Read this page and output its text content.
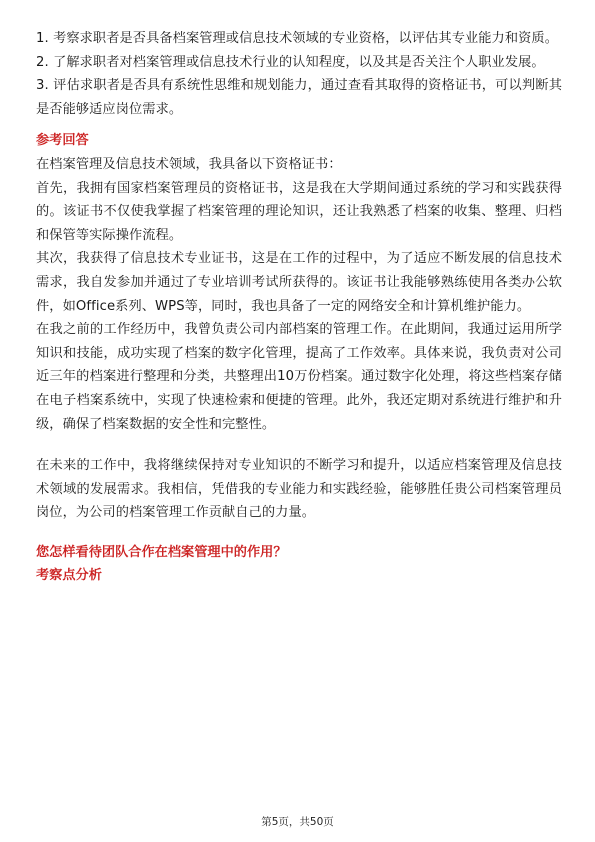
1. 考察求职者是否具备档案管理或信息技术领域的专业资格，以评估其专业能力和资质。

2. 了解求职者对档案管理或信息技术行业的认知程度，以及其是否关注个人职业发展。

3. 评估求职者是否具有系统性思维和规划能力，通过查看其取得的资格证书，可以判断其是否能够适应岗位需求。

参考回答

在档案管理及信息技术领域，我具备以下资格证书：

首先，我拥有国家档案管理员的资格证书，这是我在大学期间通过系统的学习和实践获得的。该证书不仅使我掌握了档案管理的理论知识，还让我熟悉了档案的收集、整理、归档和保管等实际操作流程。

其次，我获得了信息技术专业证书，这是在工作的过程中，为了适应不断发展的信息技术需求，我自发参加并通过了专业培训考试所获得的。该证书让我能够熟练使用各类办公软件，如Office系列、WPS等，同时，我也具备了一定的网络安全和计算机维护能力。

在我之前的工作经历中，我曾负责公司内部档案的管理工作。在此期间，我通过运用所学知识和技能，成功实现了档案的数字化管理，提高了工作效率。具体来说，我负责对公司近三年的档案进行整理和分类，共整理出10万份档案。通过数字化处理，将这些档案存储在电子档案系统中，实现了快速检索和便捷的管理。此外，我还定期对系统进行维护和升级，确保了档案数据的安全性和完整性。

在未来的工作中，我将继续保持对专业知识的不断学习和提升，以适应档案管理及信息技术领域的发展需求。我相信，凭借我的专业能力和实践经验，能够胜任贵公司档案管理员岗位，为公司的档案管理工作贡献自己的力量。

您怎样看待团队合作在档案管理中的作用？
考察点分析
第5页，共50页
